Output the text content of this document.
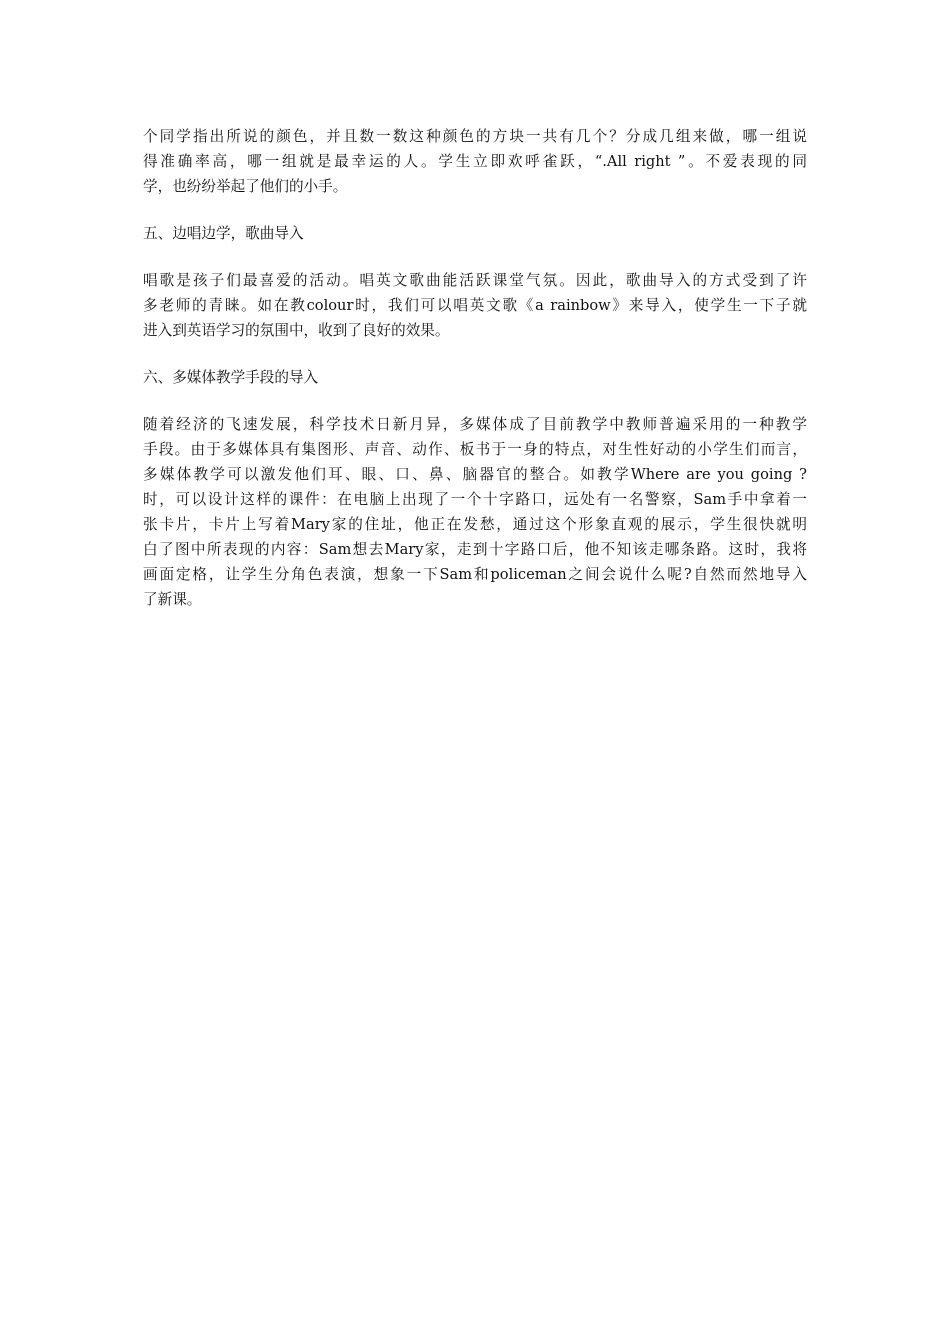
个同学指出所说的颜色，并且数一数这种颜色的方块一共有几个？分成几组来做，哪一组说
得准确率高，哪一组就是最幸运的人。学生立即欢呼雀跃，“.All right ”。不爱表现的同
学，也纷纷举起了他们的小手。
五、边唱边学，歌曲导入
唱歌是孩子们最喜爱的活动。唱英文歌曲能活跃课堂气氛。因此，歌曲导入的方式受到了许
多老师的青睐。如在教colour时，我们可以唱英文歌《a rainbow》来导入，使学生一下子就
进入到英语学习的氛围中，收到了良好的效果。
六、多媒体教学手段的导入
随着经济的飞速发展，科学技术日新月异，多媒体成了目前教学中教师普遍采用的一种教学
手段。由于多媒体具有集图形、声音、动作、板书于一身的特点，对生性好动的小学生们而言，
多媒体教学可以激发他们耳、眼、口、鼻、脑器官的整合。如教学Where are you going ?
时，可以设计这样的课件：在电脑上出现了一个十字路口，远处有一名警察，Sam手中拿着一
张卡片，卡片上写着Mary家的住址，他正在发愁，通过这个形象直观的展示，学生很快就明
白了图中所表现的内容：Sam想去Mary家，走到十字路口后，他不知该走哪条路。这时，我将
画面定格，让学生分角色表演，想象一下Sam和policeman之间会说什么呢?自然而然地导入
了新课。
